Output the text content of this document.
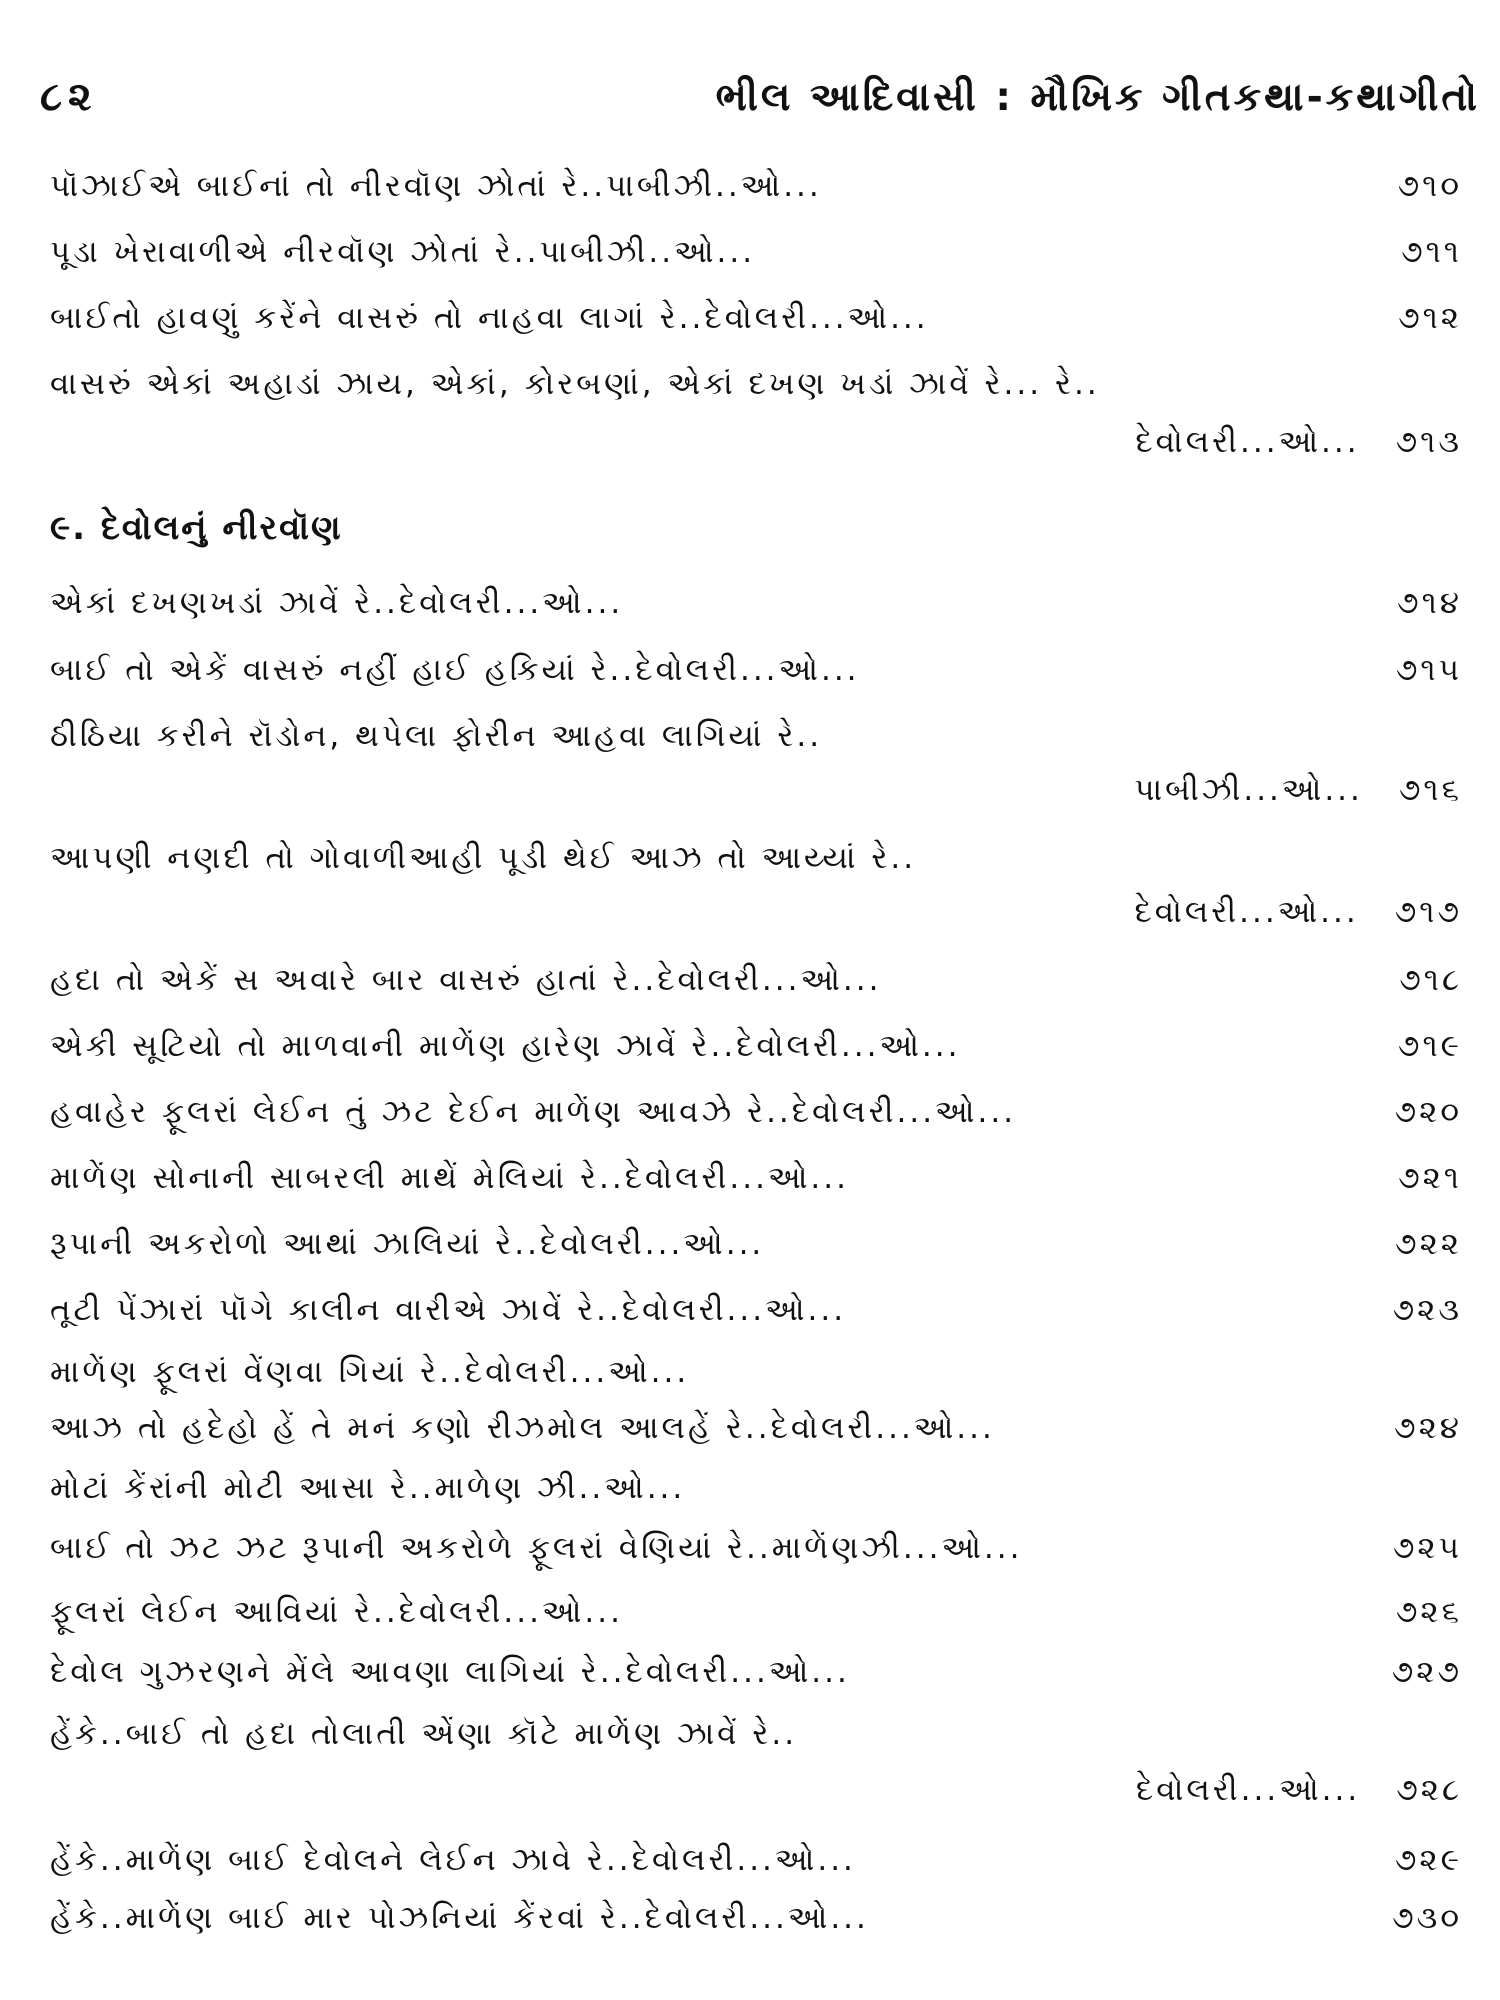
૮૨	ભીલ આદિવાસી : મૌખિક ગીતકથા-કથાગીતો
પૉઝાઈએ બાઈનાં તો નીરવૉણ ઝોતાં રે..પાબીઝી..ઓ...	૭૧૦
પૂડા ખેરાવાળીએ નીરવૉણ ઝોતાં રે..પાબીઝી..ઓ...	૭૧૧
બાઈતો હાવણું કરેંને વાસરું તો નાહવા લાગાં રે..દેવોલરી...ઓ...	૭૧૨
વાસરું એકાં અહાડાં ઝાય, એકાં, કોરબણાં, એકાં દખણ ખડાં ઝાવેં રે... રે..
દેવોલરી...ઓ... ૭૧૩
૯. દેવોલનું નીરવૉણ
એકાં દખણખડાં ઝાવેં રે..દેવોલરી...ઓ...	૭૧૪
બાઈ તો એકેં વાસરું નહીં હાઈ હકિયાં રે..દેવોલરી...ઓ...	૭૧૫
ઠીઠિયા કરીને રૉડોન, થપેલા ફોરીન આહવા લાગિયાં રે..
પાબીઝી...ઓ... ૭૧૬
આપણી નણદી તો ગોવાળીઆહી પૂડી થેઈ આઝ તો આય્યાં રે..
દેવોલરી...ઓ... ૭૧૭
હદા તો એકેં સ અવારે બાર વાસરું હાતાં રે..દેવોલરી...ઓ...	૭૧૮
એકી સૂટિયો તો માળવાની માળેંણ હારેણ ઝાવેં રે..દેવોલરી...ઓ...	૭૧૯
હવાહેર ફૂલરાં લેઈન તું ઝટ દેઈન માળેંણ આવઝે રે..દેવોલરી...ઓ...	૭૨૦
માળેંણ સોનાની સાબરલી માથેં મેલિયાં રે..દેવોલરી...ઓ...	૭૨૧
રૂપાની અકરોળો આથાં ઝાલિયાં રે..દેવોલરી...ઓ...	૭૨૨
તૂટી પેંઝારાં પૉગે કાલીન વારીએ ઝાવેં રે..દેવોલરી...ઓ...	૭૨૩
માળેંણ ફૂલરાં વેંણવા ગિયાં રે..દેવોલરી...ઓ...
આઝ તો હદેહો હેં તે મનં કણો રીઝમોલ આલહેં રે..દેવોલરી...ઓ...	૭૨૪
મોટાં કેંરાંની મોટી આસા રે..માળેણ ઝી..ઓ...
બાઈ તો ઝટ ઝટ રૂપાની અકરોળે ફૂલરાં વેણિયાં રે..માળેંણઝી...ઓ...	૭૨૫
ફૂલરાં લેઈન આવિયાં રે..દેવોલરી...ઓ...	૭૨૬
દેવોલ ગુઝરણને મેંલે આવણા લાગિયાં રે..દેવોલરી...ઓ...	૭૨૭
હેંકે..બાઈ તો હદા તોલાતી એંણા કૉટે માળેંણ ઝાવેં રે..
દેવોલરી...ઓ... ૭૨૮
હેંકે..માળેંણ બાઈ દેવોલને લેઈન ઝાવે રે..દેવોલરી...ઓ...	૭૨૯
હેંકે..માળેંણ બાઈ માર પોઝનિયાં કેંરવાં રે..દેવોલરી...ઓ...	૭૩૦
